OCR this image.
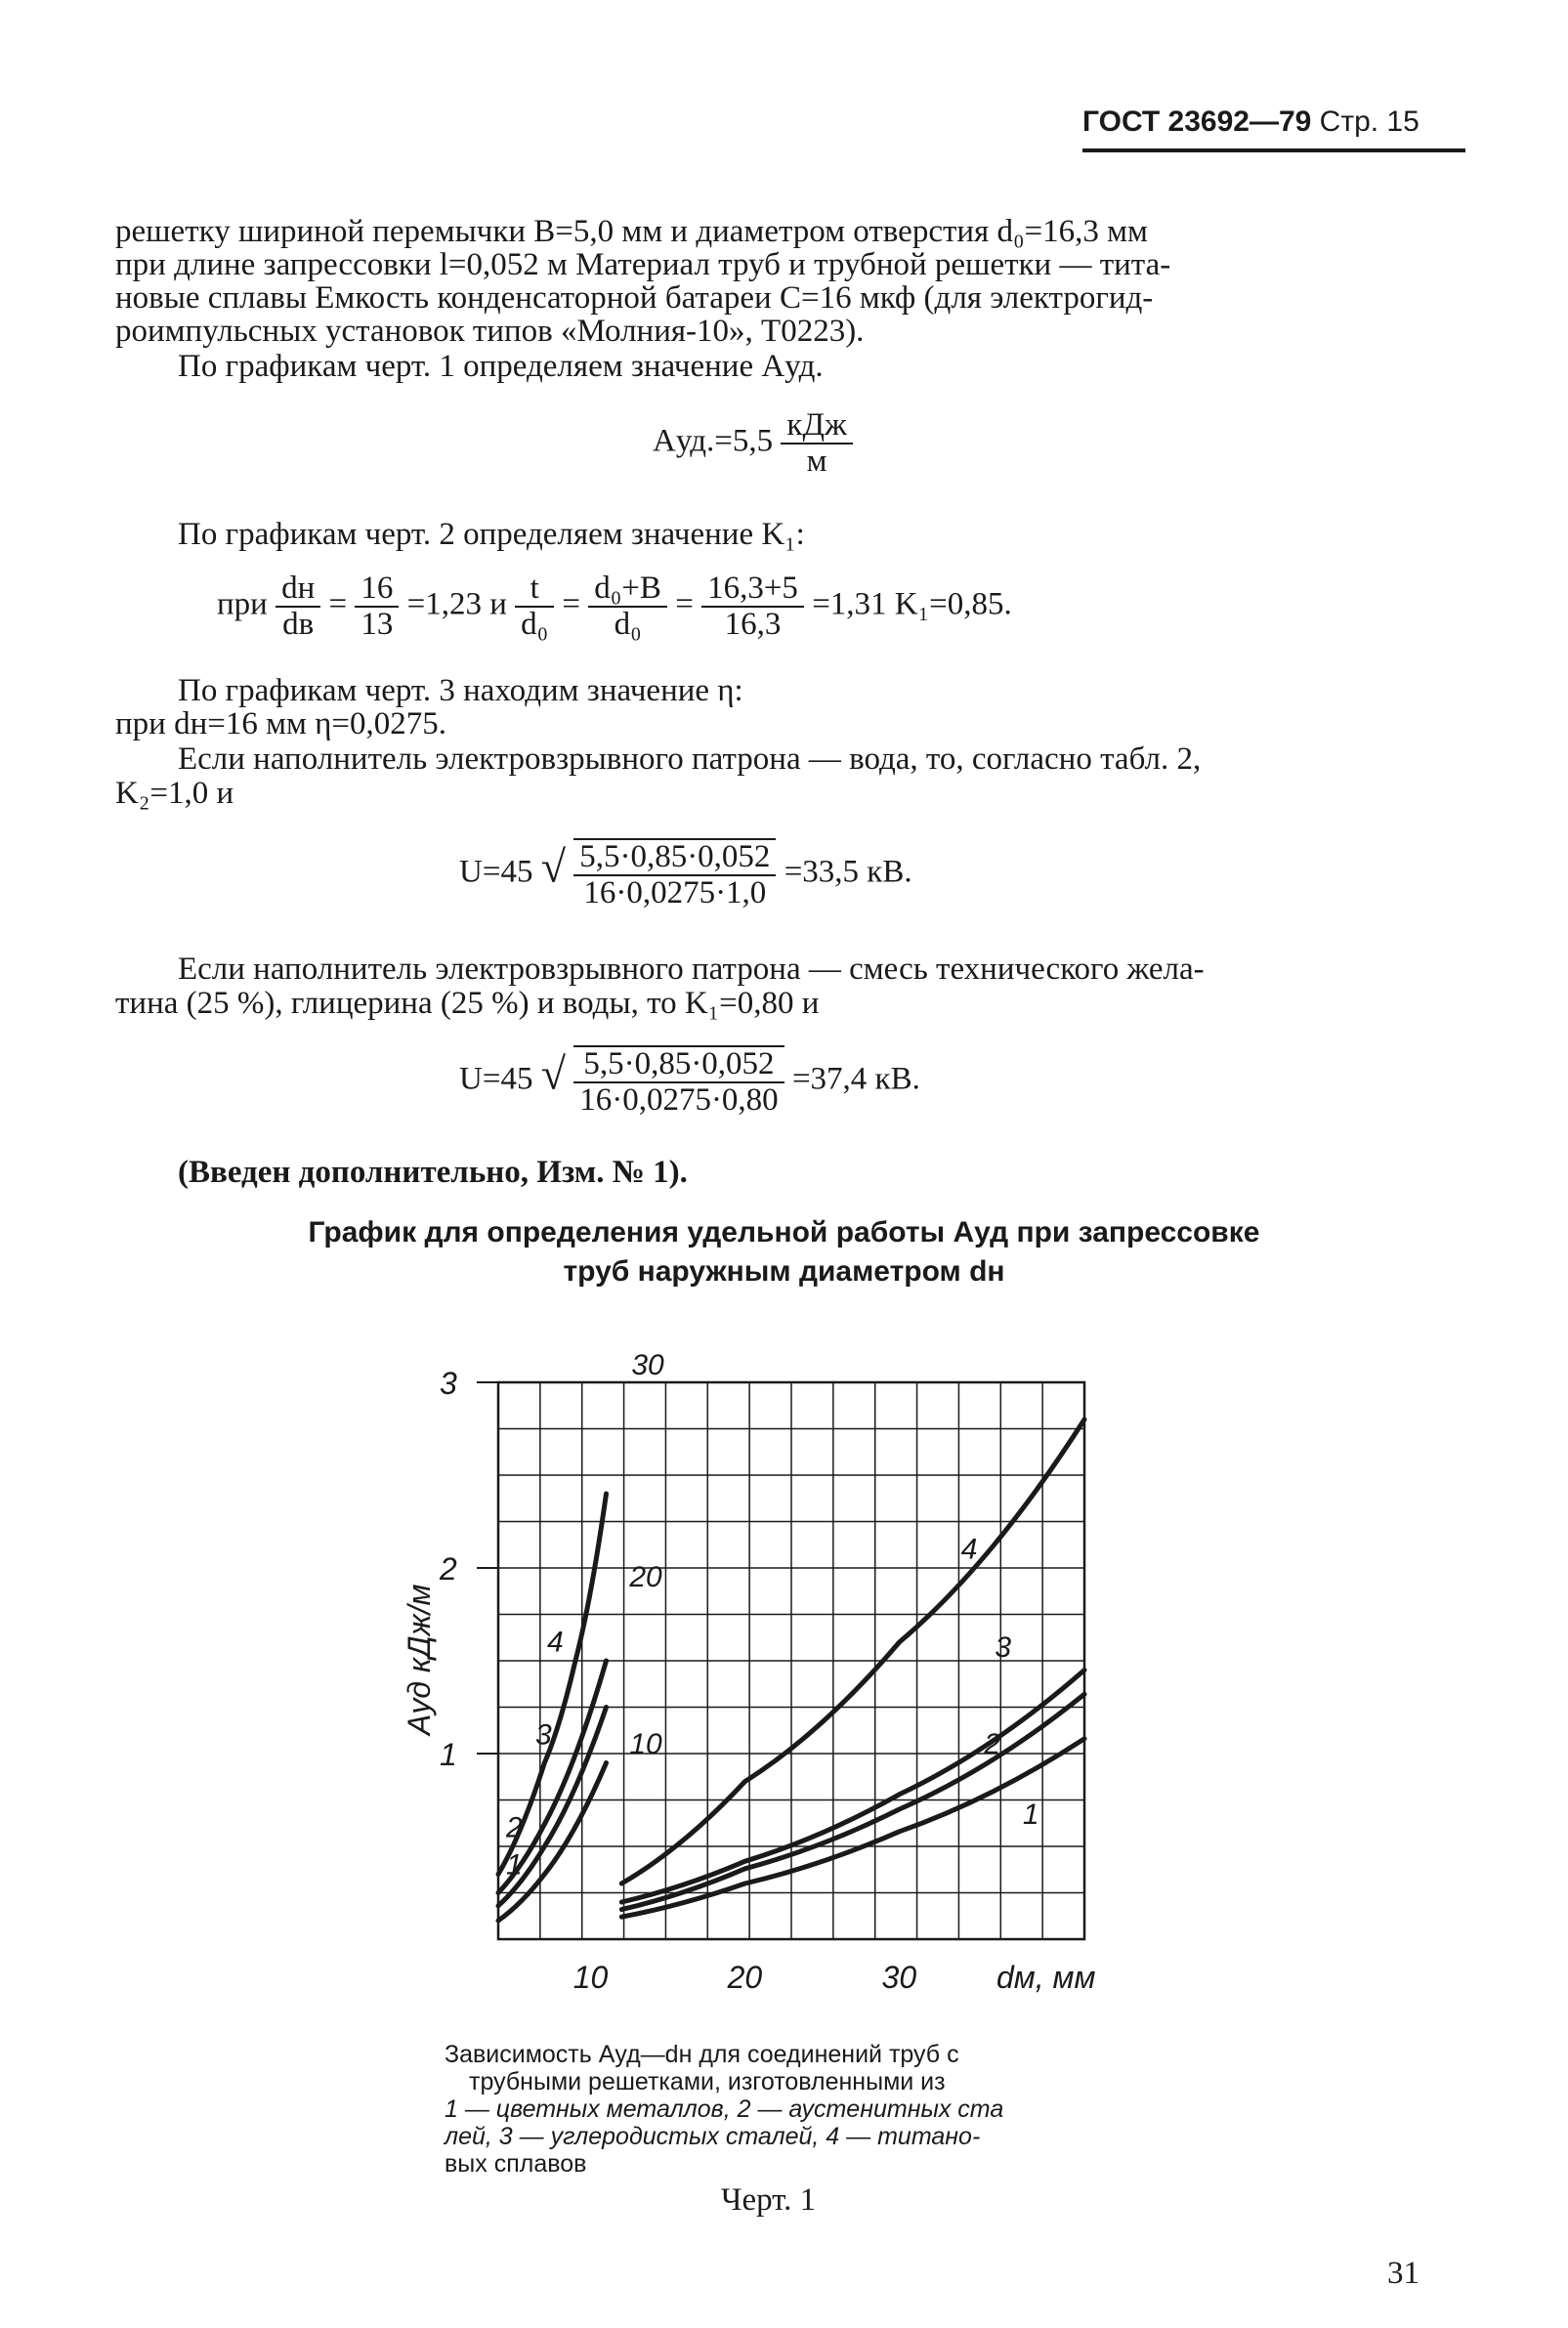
ГОСТ 23692—79 Стр. 15
решетку шириной перемычки B=5,0 мм и диаметром отверстия d₀=16,3 мм
при длине запрессовки l=0,052 м Материал труб и трубной решетки — тита-
новые сплавы Емкость конденсаторной батареи C=16 мкф (для электрогид-
роимпульсных установок типов «Молния-10», Т0223).
По графикам черт. 1 определяем значение Aуд.
$Aуд.=5,5 \frac{\text{кДж}}{м}$
По графикам черт. 2 определяем значение K₁:
при $\frac{dн}{dв} = \frac{16}{13} =1,23$ и $\frac{t}{\text{d₀}} = \frac{\text{d₀+B}}{\text{d₀}} = \frac{16,3+5}{16,3} =1,31$ K₁=0,85.
По графикам черт. 3 находим значение η:
при dн=16 мм η=0,0275.
Если наполнитель электровзрывного патрона — вода, то, согласно табл. 2,
K₂=1,0 и
U=45 √ $\frac{5,5\cdot 0,85\cdot 0,052}{16\cdot 0,0275\cdot 1,0} =33,5$ кВ.
Если наполнитель электровзрывного патрона — смесь технического жела-
тина (25 %), глицерина (25 %) и воды, то K₁=0,80 и
U=45 √ $\frac{5,5\cdot 0,85\cdot 0,052}{16\cdot 0,0275\cdot 0,80} =37,4$ кВ.
(Введен дополнительно, Изм. № 1).
График для определения удельной работы Aуд при запрессовке
труб наружным диаметром dн
1
2
3
10	20	30	dм, мм
Aуд кДж/м
30
20
10
1
1
2
2
3
3
4
4
Зависимость Aуд—dн для соединений труб с
трубными решетками, изготовленными из
1 — цветных металлов, 2 — аустенитных ста
лей, 3 — углеродистых сталей, 4 — титано-
вых сплавов
Черт. 1
31
